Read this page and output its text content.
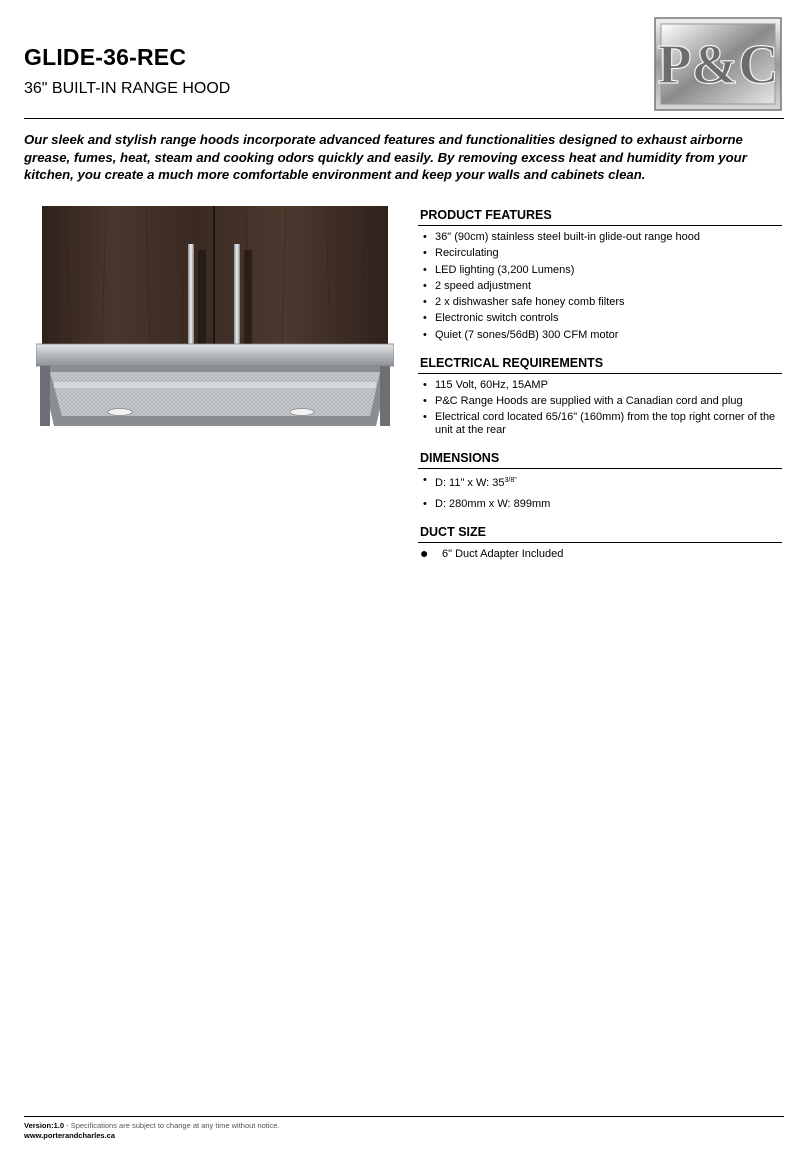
GLIDE-36-REC
36" BUILT-IN RANGE HOOD	P&C
Our sleek and stylish range hoods incorporate advanced features and functionalities designed to exhaust airborne grease, fumes, heat, steam and cooking odors quickly and easily. By removing excess heat and humidity from your kitchen, you create a much more comfortable environment and keep your walls and cabinets clean.
PRODUCT FEATURES
• 36" (90cm) stainless steel built-in glide-out range hood
• Recirculating
• LED lighting (3,200 Lumens)
• 2 speed adjustment
• 2 x dishwasher safe honey comb filters
• Electronic switch controls
• Quiet (7 sones/56dB) 300 CFM motor
ELECTRICAL REQUIREMENTS
• 115 Volt, 60Hz, 15AMP
• P&C Range Hoods are supplied with a Canadian cord and plug
• Electrical cord located 65/16" (160mm) from the top right corner of the unit at the rear
DIMENSIONS
• D: 11" x W: $35^{3/8"}$
• D: 280mm x W: 899mm
DUCT SIZE
● 6" Duct Adapter Included
Version:1.0 - Specifications are subject to change at any time without notice.
www.porterandcharles.ca
